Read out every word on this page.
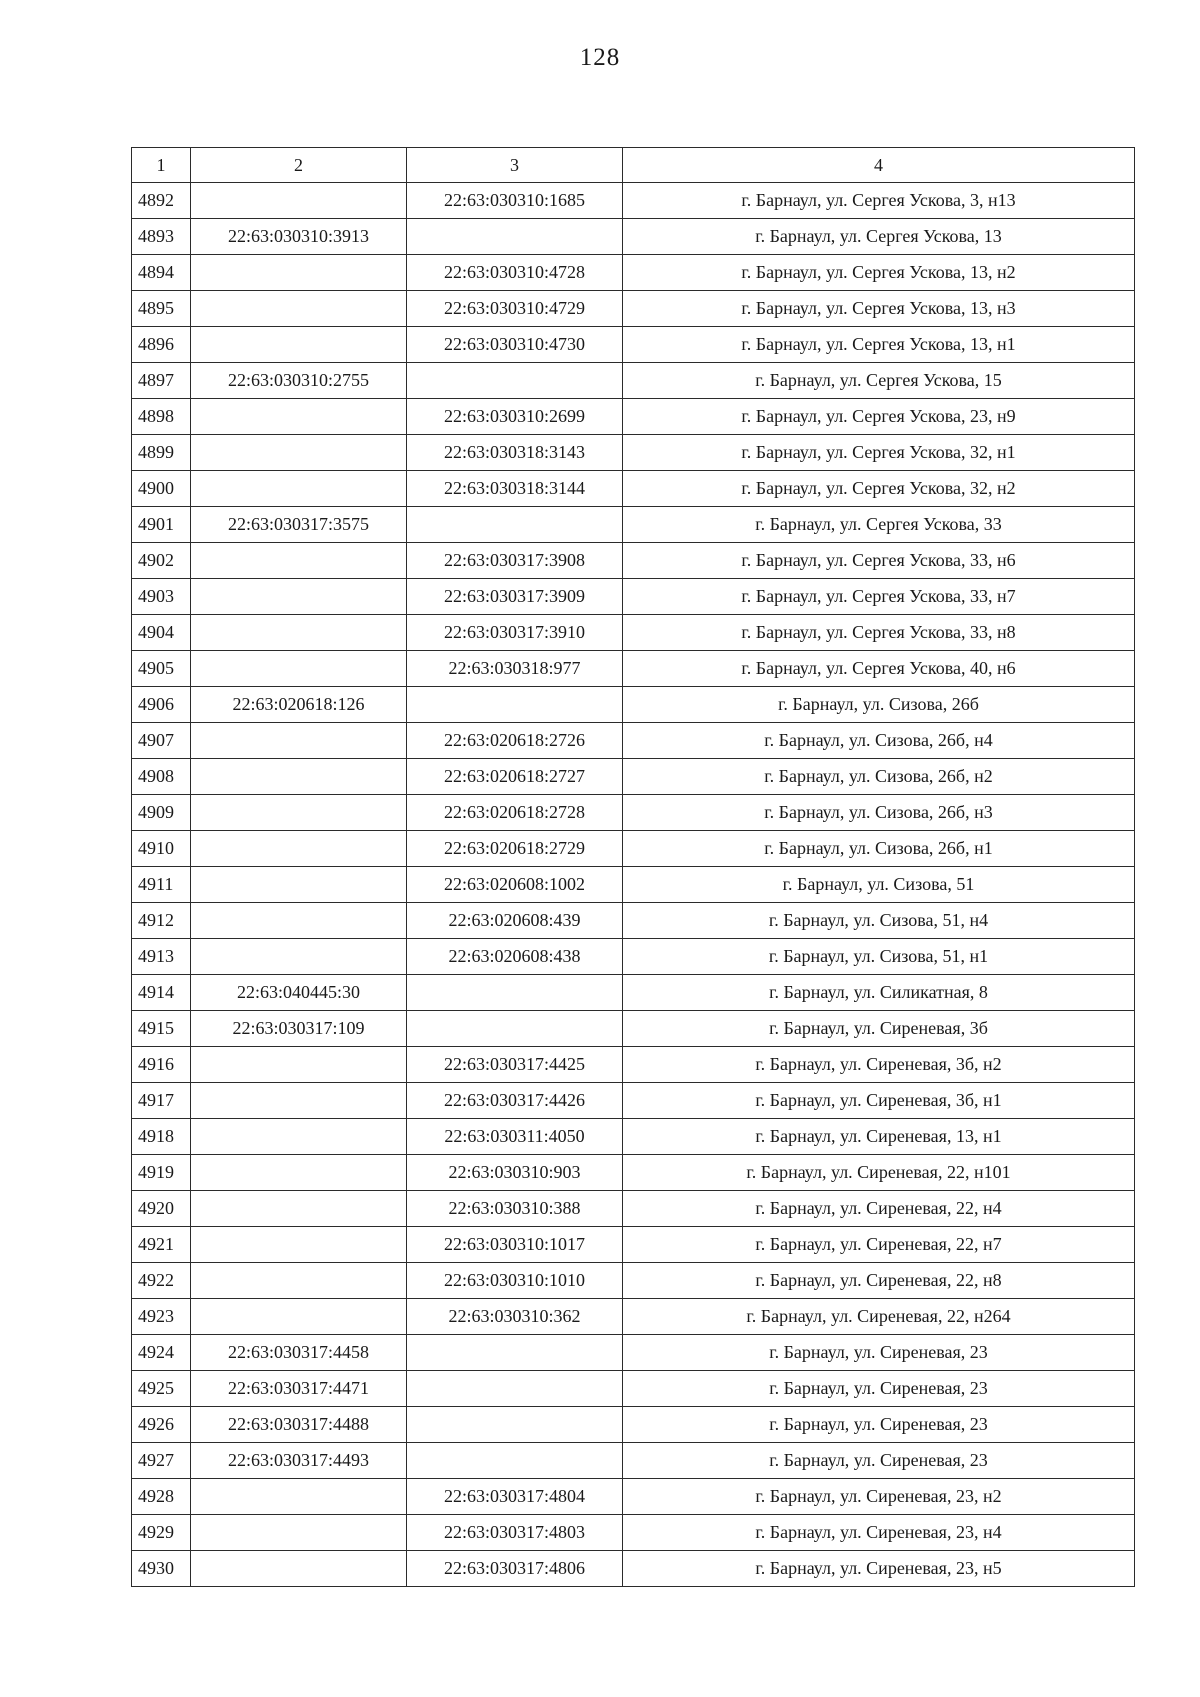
128
1	2	3	4
4892		22:63:030310:1685	г. Барнаул, ул. Сергея Ускова, 3, н13
4893	22:63:030310:3913		г. Барнаул, ул. Сергея Ускова, 13
4894		22:63:030310:4728	г. Барнаул, ул. Сергея Ускова, 13, н2
4895		22:63:030310:4729	г. Барнаул, ул. Сергея Ускова, 13, н3
4896		22:63:030310:4730	г. Барнаул, ул. Сергея Ускова, 13, н1
4897	22:63:030310:2755		г. Барнаул, ул. Сергея Ускова, 15
4898		22:63:030310:2699	г. Барнаул, ул. Сергея Ускова, 23, н9
4899		22:63:030318:3143	г. Барнаул, ул. Сергея Ускова, 32, н1
4900		22:63:030318:3144	г. Барнаул, ул. Сергея Ускова, 32, н2
4901	22:63:030317:3575		г. Барнаул, ул. Сергея Ускова, 33
4902		22:63:030317:3908	г. Барнаул, ул. Сергея Ускова, 33, н6
4903		22:63:030317:3909	г. Барнаул, ул. Сергея Ускова, 33, н7
4904		22:63:030317:3910	г. Барнаул, ул. Сергея Ускова, 33, н8
4905		22:63:030318:977	г. Барнаул, ул. Сергея Ускова, 40, н6
4906	22:63:020618:126		г. Барнаул, ул. Сизова, 26б
4907		22:63:020618:2726	г. Барнаул, ул. Сизова, 26б, н4
4908		22:63:020618:2727	г. Барнаул, ул. Сизова, 26б, н2
4909		22:63:020618:2728	г. Барнаул, ул. Сизова, 26б, н3
4910		22:63:020618:2729	г. Барнаул, ул. Сизова, 26б, н1
4911		22:63:020608:1002	г. Барнаул, ул. Сизова, 51
4912		22:63:020608:439	г. Барнаул, ул. Сизова, 51, н4
4913		22:63:020608:438	г. Барнаул, ул. Сизова, 51, н1
4914	22:63:040445:30		г. Барнаул, ул. Силикатная, 8
4915	22:63:030317:109		г. Барнаул, ул. Сиреневая, 3б
4916		22:63:030317:4425	г. Барнаул, ул. Сиреневая, 3б, н2
4917		22:63:030317:4426	г. Барнаул, ул. Сиреневая, 3б, н1
4918		22:63:030311:4050	г. Барнаул, ул. Сиреневая, 13, н1
4919		22:63:030310:903	г. Барнаул, ул. Сиреневая, 22, н101
4920		22:63:030310:388	г. Барнаул, ул. Сиреневая, 22, н4
4921		22:63:030310:1017	г. Барнаул, ул. Сиреневая, 22, н7
4922		22:63:030310:1010	г. Барнаул, ул. Сиреневая, 22, н8
4923		22:63:030310:362	г. Барнаул, ул. Сиреневая, 22, н264
4924	22:63:030317:4458		г. Барнаул, ул. Сиреневая, 23
4925	22:63:030317:4471		г. Барнаул, ул. Сиреневая, 23
4926	22:63:030317:4488		г. Барнаул, ул. Сиреневая, 23
4927	22:63:030317:4493		г. Барнаул, ул. Сиреневая, 23
4928		22:63:030317:4804	г. Барнаул, ул. Сиреневая, 23, н2
4929		22:63:030317:4803	г. Барнаул, ул. Сиреневая, 23, н4
4930		22:63:030317:4806	г. Барнаул, ул. Сиреневая, 23, н5
